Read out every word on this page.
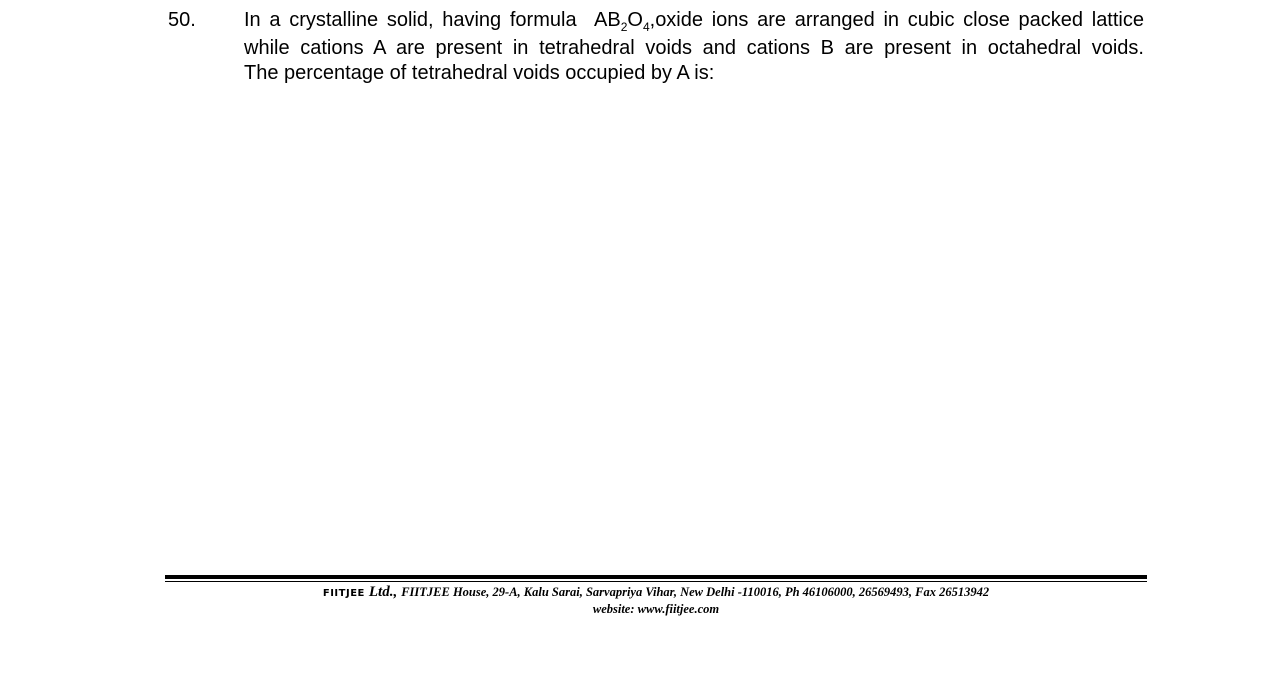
50. In a crystalline solid, having formula $AB_2O_4,oxide$ ions are arranged in cubic close packed lattice
while cations A are present in tetrahedral voids and cations B are present in octahedral voids.
The percentage of tetrahedral voids occupied by A is:
FIITJEE Ltd., FIITJEE House, 29-A, Kalu Sarai, Sarvapriya Vihar, New Delhi -110016, Ph 46106000, 26569493, Fax 26513942
website: www.fiitjee.com
